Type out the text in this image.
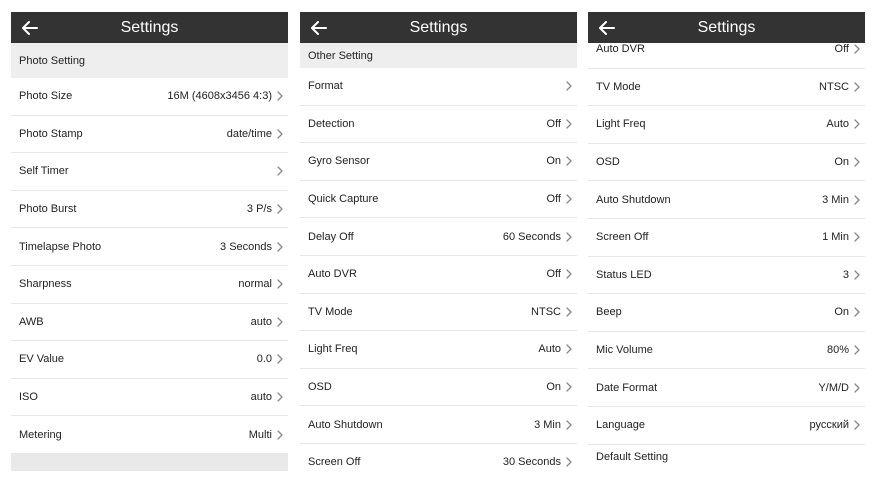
Settings
Photo Setting
Photo Size	16M (4608x3456 4:3)
Photo Stamp	date/time
Self Timer
Photo Burst	3 P/s
Timelapse Photo	3 Seconds
Sharpness	normal
AWB	auto
EV Value	0.0
ISO	auto
Metering	Multi
Settings
Other Setting
Format
Detection	Off
Gyro Sensor	On
Quick Capture	Off
Delay Off	60 Seconds
Auto DVR	Off
TV Mode	NTSC
Light Freq	Auto
OSD	On
Auto Shutdown	3 Min
Screen Off	30 Seconds
Settings
Auto DVR	Off
TV Mode	NTSC
Light Freq	Auto
OSD	On
Auto Shutdown	3 Min
Screen Off	1 Min
Status LED	3
Beep	On
Mic Volume	80%
Date Format	Y/M/D
Language	русский
Default Setting
